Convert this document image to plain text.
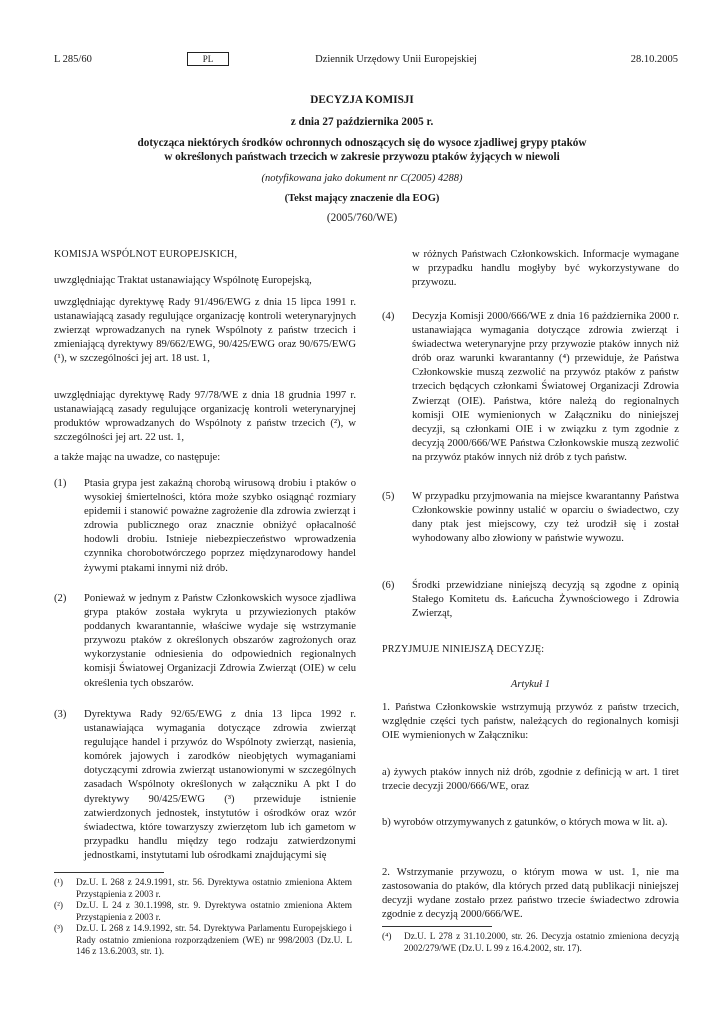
L 285/60	PL	Dziennik Urzędowy Unii Europejskiej	28.10.2005
DECYZJA KOMISJI
z dnia 27 października 2005 r.
dotycząca niektórych środków ochronnych odnoszących się do wysoce zjadliwej grypy ptaków
w określonych państwach trzecich w zakresie przywozu ptaków żyjących w niewoli
(notyfikowana jako dokument nr C(2005) 4288)
(Tekst mający znaczenie dla EOG)
(2005/760/WE)
KOMISJA WSPÓLNOT EUROPEJSKICH,
uwzględniając Traktat ustanawiający Wspólnotę Europejską,
uwzględniając dyrektywę Rady 91/496/EWG z dnia 15 lipca 1991 r. ustanawiającą zasady regulujące organizację kontroli weterynaryjnych zwierząt wprowadzanych na rynek Wspólnoty z państw trzecich i zmieniającą dyrektywy 89/662/EWG, 90/425/EWG oraz 90/675/EWG (¹), w szczególności jej art. 18 ust. 1,
uwzględniając dyrektywę Rady 97/78/WE z dnia 18 grudnia 1997 r. ustanawiającą zasady regulujące organizację kontroli weterynaryjnej produktów wprowadzanych do Wspólnoty z państw trzecich (²), w szczególności jej art. 22 ust. 1,
a także mając na uwadze, co następuje:
(1)	Ptasia grypa jest zakaźną chorobą wirusową drobiu i ptaków o wysokiej śmiertelności, która może szybko osiągnąć rozmiary epidemii i stanowić poważne zagrożenie dla zdrowia zwierząt i zdrowia publicznego oraz znacznie obniżyć opłacalność hodowli drobiu. Istnieje niebezpieczeństwo wprowadzenia czynnika chorobotwórczego poprzez międzynarodowy handel żywymi ptakami innymi niż drób.
(2)	Ponieważ w jednym z Państw Członkowskich wysoce zjadliwa grypa ptaków została wykryta u przywiezionych ptaków poddanych kwarantannie, właściwe wydaje się wstrzymanie przywozu ptaków z określonych obszarów zagrożonych oraz wykorzystanie odniesienia do odpowiednich regionalnych komisji Światowej Organizacji Zdrowia Zwierząt (OIE) w celu określenia tych obszarów.
(3)	Dyrektywa Rady 92/65/EWG z dnia 13 lipca 1992 r. ustanawiająca wymagania dotyczące zdrowia zwierząt regulujące handel i przywóz do Wspólnoty zwierząt, nasienia, komórek jajowych i zarodków nieobjętych wymaganiami dotyczącymi zdrowia zwierząt ustanowionymi w szczególnych zasadach Wspólnoty określonych w załączniku A pkt I do dyrektywy 90/425/EWG (³) przewiduje istnienie zatwierdzonych jednostek, instytutów i ośrodków oraz wzór świadectwa, które towarzyszy zwierzętom lub ich gametom w przypadku handlu między tego rodzaju zatwierdzonymi jednostkami, instytutami lub ośrodkami znajdującymi się
(¹)	Dz.U. L 268 z 24.9.1991, str. 56. Dyrektywa ostatnio zmieniona Aktem Przystąpienia z 2003 r.
(²)	Dz.U. L 24 z 30.1.1998, str. 9. Dyrektywa ostatnio zmieniona Aktem Przystąpienia z 2003 r.
(³)	Dz.U. L 268 z 14.9.1992, str. 54. Dyrektywa Parlamentu Europejskiego i Rady ostatnio zmieniona rozporządzeniem (WE) nr 998/2003 (Dz.U. L 146 z 13.6.2003, str. 1).
w różnych Państwach Członkowskich. Informacje wymagane w przypadku handlu mogłyby być wykorzystywane do przywozu.
(4)	Decyzja Komisji 2000/666/WE z dnia 16 października 2000 r. ustanawiająca wymagania dotyczące zdrowia zwierząt i świadectwa weterynaryjne przy przywozie ptaków innych niż drób oraz warunki kwarantanny (⁴) przewiduje, że Państwa Członkowskie muszą zezwolić na przywóz ptaków z państw trzecich będących członkami Światowej Organizacji Zdrowia Zwierząt (OIE). Państwa, które należą do regionalnych komisji OIE wymienionych w Załączniku do niniejszej decyzji, są członkami OIE i w związku z tym zgodnie z decyzją 2000/666/WE Państwa Członkowskie muszą zezwolić na przywóz ptaków innych niż drób z tych państw.
(5)	W przypadku przyjmowania na miejsce kwarantanny Państwa Członkowskie powinny ustalić w oparciu o świadectwo, czy dany ptak jest miejscowy, czy też urodził się i został wyhodowany albo złowiony w państwie wywozu.
(6)	Środki przewidziane niniejszą decyzją są zgodne z opinią Stałego Komitetu ds. Łańcucha Żywnościowego i Zdrowia Zwierząt,
PRZYJMUJE NINIEJSZĄ DECYZJĘ:
Artykuł 1
1. Państwa Członkowskie wstrzymują przywóz z państw trzecich, względnie części tych państw, należących do regionalnych komisji OIE wymienionych w Załączniku:
a) żywych ptaków innych niż drób, zgodnie z definicją w art. 1 tiret trzecie decyzji 2000/666/WE, oraz
b) wyrobów otrzymywanych z gatunków, o których mowa w lit. a).
2. Wstrzymanie przywozu, o którym mowa w ust. 1, nie ma zastosowania do ptaków, dla których przed datą publikacji niniejszej decyzji wydane zostało przez państwo trzecie świadectwo zdrowia zgodnie z decyzją 2000/666/WE.
(⁴)	Dz.U. L 278 z 31.10.2000, str. 26. Decyzja ostatnio zmieniona decyzją 2002/279/WE (Dz.U. L 99 z 16.4.2002, str. 17).
